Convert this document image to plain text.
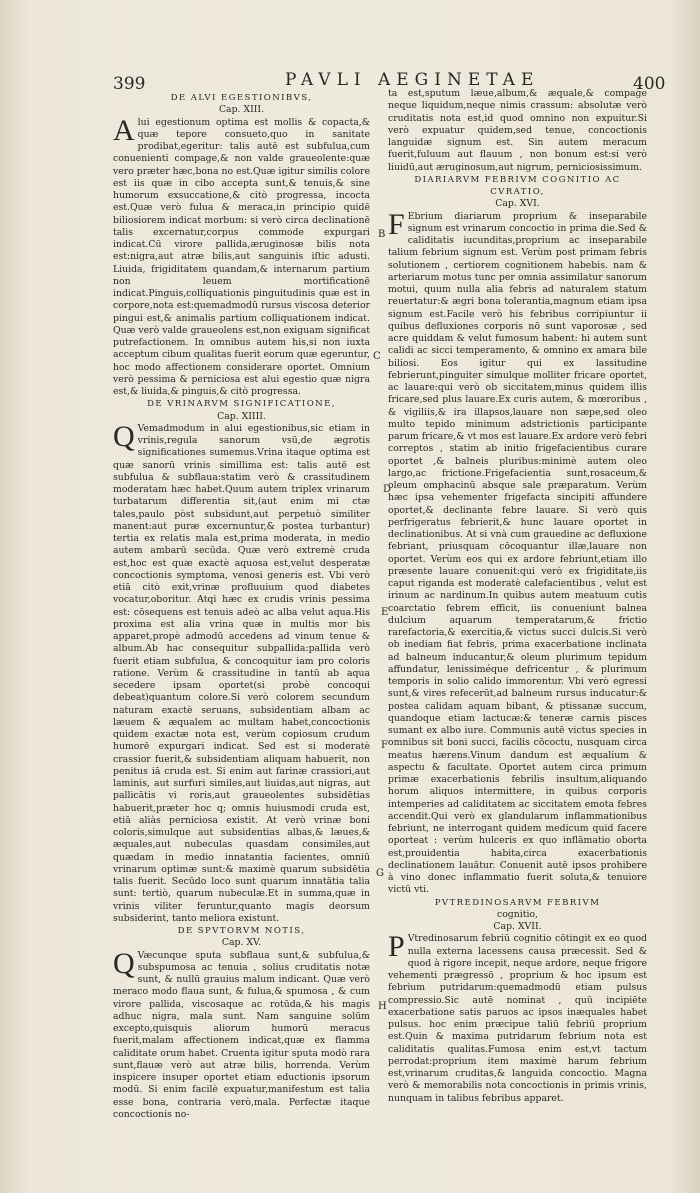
399	PAVLI AEGINETAE	400

DE ALVI EGESTIONIBVS,

Cap. XIII.

Alui egestionum optima est mollis & copacta,& quæ tepore consueto,quo in sanitate prodibat,egeritur: talis autē est subfulua,cum conuenienti compage,& non valde graueolente:quæ vero præter hæc,bona no est.Quæ igitur similis colore est iis quæ in cibo accepta sunt,& tenuis,& sine humorum exsuccatione,& citò progressa, incocta est.Quæ verò fulua & meraca,in principio quidē biliosiorem indicat morbum: si verò circa declinationē talis excernatur,corpus commode expurgari indicat.Cū virore pallida,æruginosæ bilis nota est:nigra,aut atræ bilis,aut sanguinis iſtic adusti. Liuida, frigiditatem quandam,& internarum partium non leuem mortificationē indicat.Pinguis,colliquationis pinguitudinis quæ est in corpore,nota est:quemadmodū rursus viscosa deterior pingui est,& animalis partium colliquationem indicat. Quæ verò valde graueolens est,non exiguam significat putrefactionem. In omnibus autem his,si non iuxta acceptum cibum qualitas fuerit eorum quæ egeruntur, hoc modo affectionem considerare oportet. Omnium verò pessima & perniciosa est alui egestio quæ nigra est,& liuida,& pinguis,& citò progressa.

DE VRINARVM SIGNIFICATIONE,

Cap. XIIII.

Q Vemadmodum in alui egestionibus,sic etiam in vrinis,regula sanorum vsū,de ægrotis significationes sumemus.Vrina itaque optima est quæ sanorū vrinis simillima est: talis autē est subfulua & subflaua:statim verò & crassitudinem moderatam hæc habet.Quum autem triplex vrinarum turbatarum differentia sit,(aut enim mi ctæ tales,paulo pòst subsidunt,aut perpetuò similiter manent:aut puræ excernuntur,& postea turbantur) tertia ex relatis mala est,prima moderata, in medio autem ambarū secūda. Quæ verò extremè cruda est,hoc est quæ exactè aquosa est,velut desperatæ concoctionis symptoma, venosi generis est. Vbi verò etiā citò exit,vrinæ profluuium quod diabetes vocatur,oboritur. Atqi hæc ex crudis vrinis pessima est: cōsequens est tenuis adeò ac alba velut aqua.His proxima est alia vrina quæ in multis mor bis apparet,propè admodū accedens ad vinum tenue & album.Ab hac consequitur subpallida:pallida verò fuerit etiam subfulua, & concoquitur iam pro coloris ratione. Verùm & crassitudine in tantū ab aqua secedere ipsam oportet(si probè concoqui debeat)quantum colore.Si verò colorem secundum naturam exactè seruans, subsidentiam albam ac læuem & æqualem ac multam habet,concoctionis quidem exactæ nota est, verùm copiosum crudum humorē expurgari indicat. Sed est si moderatè crassior fuerit,& subsidentiam aliquam habuerit, non penitus iā cruda est. Si enim aut farinæ crassiori,aut laminis, aut surfuri similes,aut liuidas,aut nigras, aut pallicātis vi roris,aut graueolentes subsidētias habuerit,præter hoc q; omnis huiusmodi cruda est, etiā aliàs perniciosa existit. At verò vrinæ boni coloris,simulque aut subsidentias albas,& læues,& æquales,aut nubeculas quasdam consimiles,aut quædam in medio innatantia facientes, omniū vrinarum optimæ sunt:& maximè quarum subsidētia talis fuerit. Secūdo loco sunt quarum innatātia talia sunt: tertiò, quarum nubeculæ.Et in summa,quæ in vrinis viliter feruntur,quanto magis deorsum subsiderint, tanto meliora existunt.

DE SPVTORVM NOTIS,

Cap. XV.

Q Væcunque sputa subflaua sunt,& subfulua,& subspumosa ac tenuia , solius cruditatis notæ sunt, & nullū grauius malum indicant. Quæ verò meraco modo flaua sunt, & fulua,& spumosa , & cum virore pallida, viscosaque ac rotūda,& his magis adhuc nigra, mala sunt. Nam sanguine solūm excepto,quisquis aliorum humorū meracus fuerit,malam affectionem indicat,quæ ex flamma caliditate orum habet. Cruenta igitur sputa modò rara sunt,flauæ verò aut atræ bilis, horrenda. Verùm inspicere insuper oportet etiam eductionis ipsorum modū. Si enim facilè expuatur,manifestum est talia esse bona, contraria verò,mala. Perfectæ itaque concoctionis no-

ta est,sputum læue,album,& æquale,& compage neque liquidum,neque nimis crassum: absolutæ verò cruditatis nota est,id quod omnino non expuitur.Si verò expuatur quidem,sed tenue, concoctionis languidæ signum est. Sin autem meracum fuerit,fuluum aut flauum , non bonum est:si verò liuidū,aut æruginosum,aut nigrum, perniciosissimum.

DIARIARVM FEBRIVM COGNITIO AC CVRATIO,

Cap. XVI.

F Ebrium diariarum proprium & inseparabile signum est vrinarum concoctio in prima die.Sed & caliditatis iucunditas,proprium ac inseparabile talium febrium signum est. Verùm post primam febris solutionem , certiorem cognitionem habebis. nam & arteriarum motus tunc per omnia assimilatur sanorum motui, quum nulla alia febris ad naturalem statum reuertatur:& ægri bona tolerantia,magnum etiam ipsa signum est.Facile verò his febribus corripiuntur ii quibus defluxiones corporis nō sunt vaporosæ , sed acre quiddam & velut fumosum habent: hi autem sunt calidi ac sicci temperamento, & omnino ex amara bile biliosi. Eos igitur qui ex lassitudine febrierunt,pinguiter simulque molliter fricare oportet, ac lauare:qui verò ob siccitatem,minus quidem illis fricare,sed plus lauare.Ex curis autem, & mœroribus , & vigiliis,& ira illapsos,lauare non sæpe,sed oleo multo tepido minimum adstrictionis participante parum fricare,& vt mos est lauare.Ex ardore verò febri correptos , statim ab initio frigefacientibus curare oportet ,& balneis pluribus:minimè autem oleo largo,ac frictione.Frigefacientia sunt,rosaceum,& oleum omphacinū absque sale præparatum. Verùm hæc ipsa vehementer frigefacta sincipiti affundere oportet,& declinante febre lauare. Si verò quis perfrigeratus febrierit,& hunc lauare oportet in declinationibus. At si vnà cum grauedine ac defluxione febriant, priusquam cōcoquantur illæ,lauare non oportet. Verùm eos qui ex ardore febriunt,etiam illo præsente lauare conuenit:qui verò ex frigiditate,iis caput riganda est moderatè calefacientibus , velut est irinum ac nardinum.In quibus autem meatuum cutis coarctatio febrem efficit, iis conueniunt balnea dulcium aquarum temperatarum,& frictio rarefactoria,& exercitia,& victus succi dulcis.Si verò ob inediam fiat febris, prima exacerbatione inclinata ad balneum inducantur,& oleum plurimum tepidum affundatur, lenissiméque defricentur , & plurimum temporis in solio calido immorentur. Vbi verò egressi sunt,& vires refecerūt,ad balneum rursus inducatur:& postea calidam aquam bibant, & ptissanæ succum, quandoque etiam lactucæ:& teneræ carnis pisces sumant ex albo iure. Communis autē victus species in omnibus sit boni succi, facilis cōcoctu, nusquam circa meatus hærens.Vinum dandum est æqualium & aspectu & facultate. Oportet autem circa primum primæ exacerbationis febrilis insultum,aliquando horum aliquos intermittere, in quibus corporis intemperies ad caliditatem ac siccitatem emota febres accendit.Qui verò ex glandularum inflammationibus febriunt, ne interrogant quidem medicum quid facere oporteat : verùm hulceris ex quo inflāmatio oborta est,prouidentia habita,circa exacerbationis declinationem lauātur. Conuenit autē ipsos prohibere à vino donec inflammatio fuerit soluta,& tenuiore victū vti.

PVTREDINOSARVM FEBRIVM

cognitio,

Cap. XVII.

P Vtredinosarum febriū cognitio cōtingit ex eo quod nulla externa lacessens causa præcessit. Sed & quod à rigore incepit, neque ardore, neque frigore vehementi prægressō , proprium & hoc ipsum est febrium putridarum:quemadmodū etiam pulsus compressio.Sic autē nominat , quū incipiēte exacerbatione satis paruos ac ipsos inæquales habet pulsus. hoc enim præcipue taliū febriū proprium est.Quin & maxima putridarum febrium nota est caliditatis qualitas.Fumosa enim est,vt tactum perrodat:proprium item maximè harum febrium est,vrinarum cruditas,& languida concoctio. Magna verò & memorabilis nota concoctionis in primis vrinis, nunquam in talibus febribus apparet.

B
C
D
E
F
G
H
